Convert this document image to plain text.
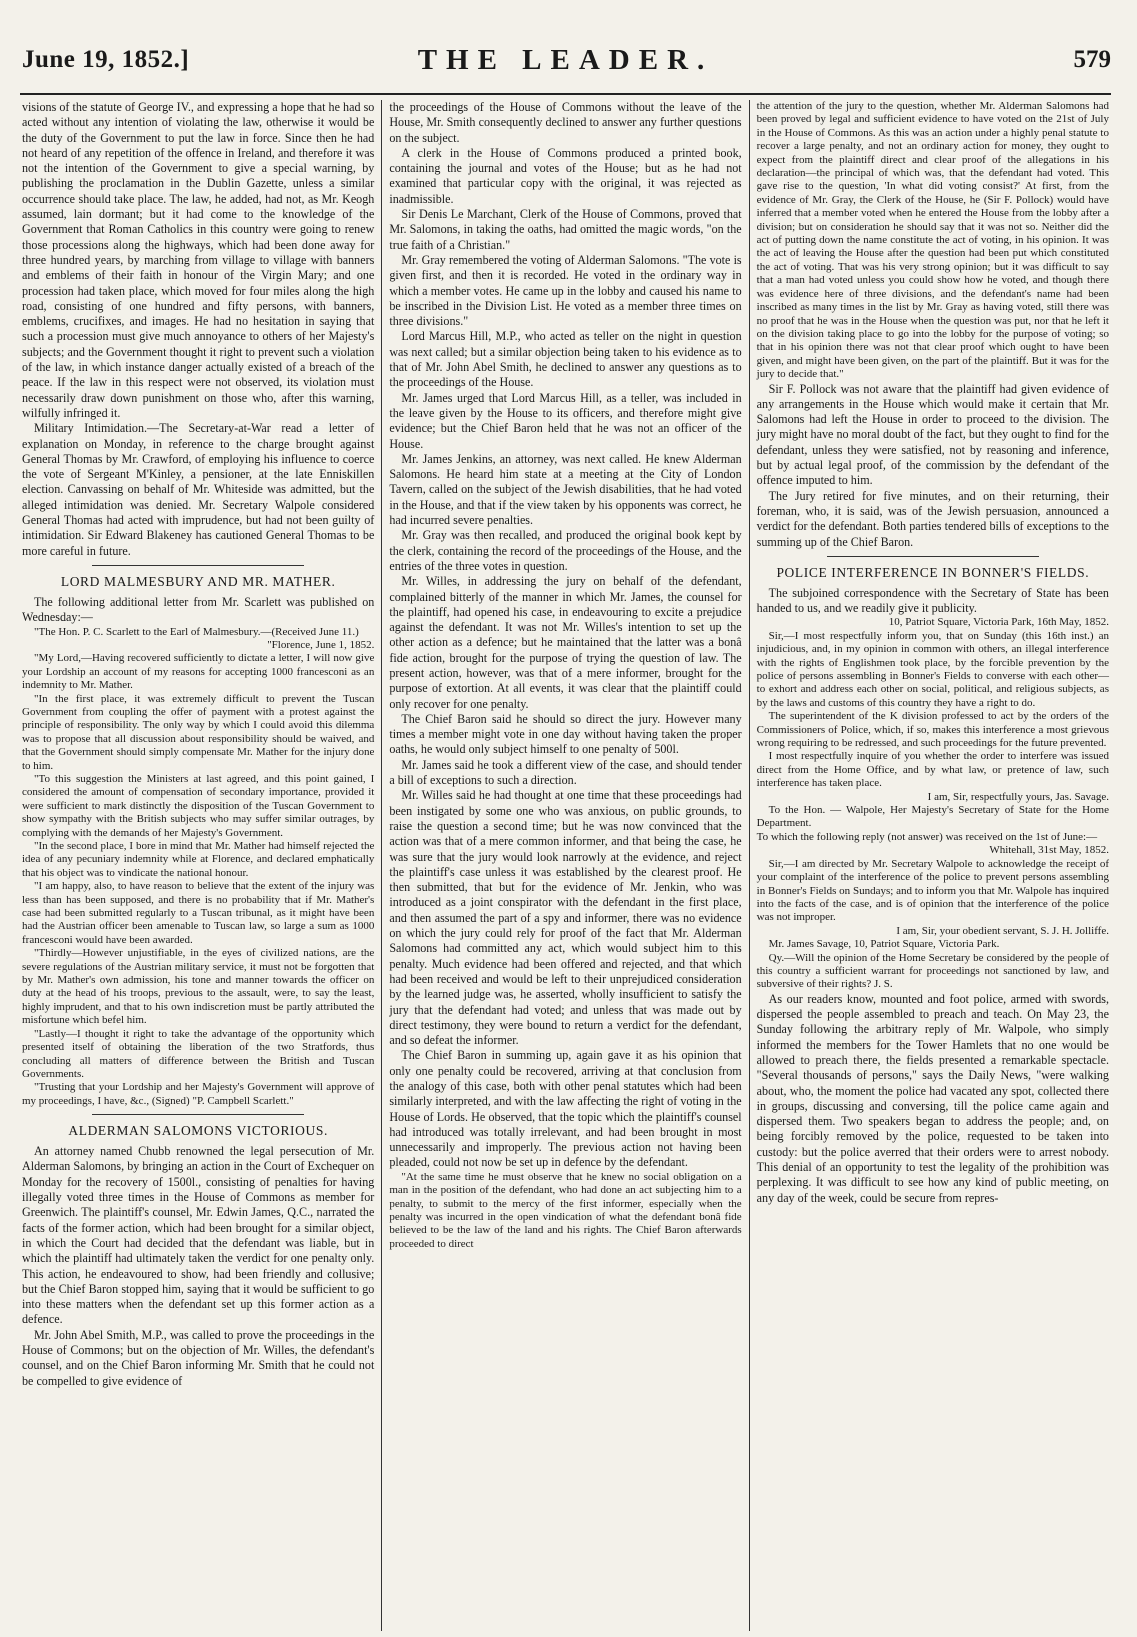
June 19, 1852.]	THE LEADER.	579

visions of the statute of George IV., and expressing a hope that he had so acted without any intention of violating the law, otherwise it would be the duty of the Government to put the law in force. Since then he had not heard of any repetition of the offence in Ireland, and therefore it was not the intention of the Government to give a special warning, by publishing the proclamation in the Dublin Gazette, unless a similar occurrence should take place. The law, he added, had not, as Mr. Keogh assumed, lain dormant; but it had come to the knowledge of the Government that Roman Catholics in this country were going to renew those processions along the highways, which had been done away for three hundred years, by marching from village to village with banners and emblems of their faith in honour of the Virgin Mary; and one procession had taken place, which moved for four miles along the high road, consisting of one hundred and fifty persons, with banners, emblems, crucifixes, and images. He had no hesitation in saying that such a procession must give much annoyance to others of her Majesty's subjects; and the Government thought it right to prevent such a violation of the law, in which instance danger actually existed of a breach of the peace. If the law in this respect were not observed, its violation must necessarily draw down punishment on those who, after this warning, wilfully infringed it.

Military Intimidation.—The Secretary-at-War read a letter of explanation on Monday, in reference to the charge brought against General Thomas by Mr. Crawford, of employing his influence to coerce the vote of Sergeant M'Kinley, a pensioner, at the late Enniskillen election. Canvassing on behalf of Mr. Whiteside was admitted, but the alleged intimidation was denied. Mr. Secretary Walpole considered General Thomas had acted with imprudence, but had not been guilty of intimidation. Sir Edward Blakeney has cautioned General Thomas to be more careful in future.

LORD MALMESBURY AND MR. MATHER.

The following additional letter from Mr. Scarlett was published on Wednesday:—

"The Hon. P. C. Scarlett to the Earl of Malmesbury.—(Received June 11.)

"Florence, June 1, 1852.

"My Lord,—Having recovered sufficiently to dictate a letter, I will now give your Lordship an account of my reasons for accepting 1000 francesconi as an indemnity to Mr. Mather.

"In the first place, it was extremely difficult to prevent the Tuscan Government from coupling the offer of payment with a protest against the principle of responsibility. The only way by which I could avoid this dilemma was to propose that all discussion about responsibility should be waived, and that the Government should simply compensate Mr. Mather for the injury done to him.

"To this suggestion the Ministers at last agreed, and this point gained, I considered the amount of compensation of secondary importance, provided it were sufficient to mark distinctly the disposition of the Tuscan Government to show sympathy with the British subjects who may suffer similar outrages, by complying with the demands of her Majesty's Government.

"In the second place, I bore in mind that Mr. Mather had himself rejected the idea of any pecuniary indemnity while at Florence, and declared emphatically that his object was to vindicate the national honour.

"I am happy, also, to have reason to believe that the extent of the injury was less than has been supposed, and there is no probability that if Mr. Mather's case had been submitted regularly to a Tuscan tribunal, as it might have been had the Austrian officer been amenable to Tuscan law, so large a sum as 1000 francesconi would have been awarded.

"Thirdly—However unjustifiable, in the eyes of civilized nations, are the severe regulations of the Austrian military service, it must not be forgotten that by Mr. Mather's own admission, his tone and manner towards the officer on duty at the head of his troops, previous to the assault, were, to say the least, highly imprudent, and that to his own indiscretion must be partly attributed the misfortune which befel him.

"Lastly—I thought it right to take the advantage of the opportunity which presented itself of obtaining the liberation of the two Stratfords, thus concluding all matters of difference between the British and Tuscan Governments.

"Trusting that your Lordship and her Majesty's Government will approve of my proceedings, I have, &c., (Signed) "P. Campbell Scarlett."

ALDERMAN SALOMONS VICTORIOUS.

An attorney named Chubb renowned the legal persecution of Mr. Alderman Salomons, by bringing an action in the Court of Exchequer on Monday for the recovery of 1500l., consisting of penalties for having illegally voted three times in the House of Commons as member for Greenwich. The plaintiff's counsel, Mr. Edwin James, Q.C., narrated the facts of the former action, which had been brought for a similar object, in which the Court had decided that the defendant was liable, but in which the plaintiff had ultimately taken the verdict for one penalty only. This action, he endeavoured to show, had been friendly and collusive; but the Chief Baron stopped him, saying that it would be sufficient to go into these matters when the defendant set up this former action as a defence.

Mr. John Abel Smith, M.P., was called to prove the proceedings in the House of Commons; but on the objection of Mr. Willes, the defendant's counsel, and on the Chief Baron informing Mr. Smith that he could not be compelled to give evidence of

the proceedings of the House of Commons without the leave of the House, Mr. Smith consequently declined to answer any further questions on the subject.

A clerk in the House of Commons produced a printed book, containing the journal and votes of the House; but as he had not examined that particular copy with the original, it was rejected as inadmissible.

Sir Denis Le Marchant, Clerk of the House of Commons, proved that Mr. Salomons, in taking the oaths, had omitted the magic words, "on the true faith of a Christian."

Mr. Gray remembered the voting of Alderman Salomons. "The vote is given first, and then it is recorded. He voted in the ordinary way in which a member votes. He came up in the lobby and caused his name to be inscribed in the Division List. He voted as a member three times on three divisions."

Lord Marcus Hill, M.P., who acted as teller on the night in question was next called; but a similar objection being taken to his evidence as to that of Mr. John Abel Smith, he declined to answer any questions as to the proceedings of the House.

Mr. James urged that Lord Marcus Hill, as a teller, was included in the leave given by the House to its officers, and therefore might give evidence; but the Chief Baron held that he was not an officer of the House.

Mr. James Jenkins, an attorney, was next called. He knew Alderman Salomons. He heard him state at a meeting at the City of London Tavern, called on the subject of the Jewish disabilities, that he had voted in the House, and that if the view taken by his opponents was correct, he had incurred severe penalties.

Mr. Gray was then recalled, and produced the original book kept by the clerk, containing the record of the proceedings of the House, and the entries of the three votes in question.

Mr. Willes, in addressing the jury on behalf of the defendant, complained bitterly of the manner in which Mr. James, the counsel for the plaintiff, had opened his case, in endeavouring to excite a prejudice against the defendant. It was not Mr. Willes's intention to set up the other action as a defence; but he maintained that the latter was a bonâ fide action, brought for the purpose of trying the question of law. The present action, however, was that of a mere informer, brought for the purpose of extortion. At all events, it was clear that the plaintiff could only recover for one penalty.

The Chief Baron said he should so direct the jury. However many times a member might vote in one day without having taken the proper oaths, he would only subject himself to one penalty of 500l.

Mr. James said he took a different view of the case, and should tender a bill of exceptions to such a direction.

Mr. Willes said he had thought at one time that these proceedings had been instigated by some one who was anxious, on public grounds, to raise the question a second time; but he was now convinced that the action was that of a mere common informer, and that being the case, he was sure that the jury would look narrowly at the evidence, and reject the plaintiff's case unless it was established by the clearest proof. He then submitted, that but for the evidence of Mr. Jenkin, who was introduced as a joint conspirator with the defendant in the first place, and then assumed the part of a spy and informer, there was no evidence on which the jury could rely for proof of the fact that Mr. Alderman Salomons had committed any act, which would subject him to this penalty. Much evidence had been offered and rejected, and that which had been received and would be left to their unprejudiced consideration by the learned judge was, he asserted, wholly insufficient to satisfy the jury that the defendant had voted; and unless that was made out by direct testimony, they were bound to return a verdict for the defendant, and so defeat the informer.

The Chief Baron in summing up, again gave it as his opinion that only one penalty could be recovered, arriving at that conclusion from the analogy of this case, both with other penal statutes which had been similarly interpreted, and with the law affecting the right of voting in the House of Lords. He observed, that the topic which the plaintiff's counsel had introduced was totally irrelevant, and had been brought in most unnecessarily and improperly. The previous action not having been pleaded, could not now be set up in defence by the defendant.

"At the same time he must observe that he knew no social obligation on a man in the position of the defendant, who had done an act subjecting him to a penalty, to submit to the mercy of the first informer, especially when the penalty was incurred in the open vindication of what the defendant bonâ fide believed to be the law of the land and his rights. The Chief Baron afterwards proceeded to direct

the attention of the jury to the question, whether Mr. Alderman Salomons had been proved by legal and sufficient evidence to have voted on the 21st of July in the House of Commons. As this was an action under a highly penal statute to recover a large penalty, and not an ordinary action for money, they ought to expect from the plaintiff direct and clear proof of the allegations in his declaration—the principal of which was, that the defendant had voted. This gave rise to the question, 'In what did voting consist?' At first, from the evidence of Mr. Gray, the Clerk of the House, he (Sir F. Pollock) would have inferred that a member voted when he entered the House from the lobby after a division; but on consideration he should say that it was not so. Neither did the act of putting down the name constitute the act of voting, in his opinion. It was the act of leaving the House after the question had been put which constituted the act of voting. That was his very strong opinion; but it was difficult to say that a man had voted unless you could show how he voted, and though there was evidence here of three divisions, and the defendant's name had been inscribed as many times in the list by Mr. Gray as having voted, still there was no proof that he was in the House when the question was put, nor that he left it on the division taking place to go into the lobby for the purpose of voting; so that in his opinion there was not that clear proof which ought to have been given, and might have been given, on the part of the plaintiff. But it was for the jury to decide that."

Sir F. Pollock was not aware that the plaintiff had given evidence of any arrangements in the House which would make it certain that Mr. Salomons had left the House in order to proceed to the division. The jury might have no moral doubt of the fact, but they ought to find for the defendant, unless they were satisfied, not by reasoning and inference, but by actual legal proof, of the commission by the defendant of the offence imputed to him.

The Jury retired for five minutes, and on their returning, their foreman, who, it is said, was of the Jewish persuasion, announced a verdict for the defendant. Both parties tendered bills of exceptions to the summing up of the Chief Baron.

POLICE INTERFERENCE IN BONNER'S FIELDS.

The subjoined correspondence with the Secretary of State has been handed to us, and we readily give it publicity.

10, Patriot Square, Victoria Park, 16th May, 1852.

Sir,—I most respectfully inform you, that on Sunday (this 16th inst.) an injudicious, and, in my opinion in common with others, an illegal interference with the rights of Englishmen took place, by the forcible prevention by the police of persons assembling in Bonner's Fields to converse with each other—to exhort and address each other on social, political, and religious subjects, as by the laws and customs of this country they have a right to do.

The superintendent of the K division professed to act by the orders of the Commissioners of Police, which, if so, makes this interference a most grievous wrong requiring to be redressed, and such proceedings for the future prevented.

I most respectfully inquire of you whether the order to interfere was issued direct from the Home Office, and by what law, or pretence of law, such interference has taken place.

I am, Sir, respectfully yours, Jas. Savage.

To the Hon. — Walpole, Her Majesty's Secretary of State for the Home Department.

To which the following reply (not answer) was received on the 1st of June:—

Whitehall, 31st May, 1852.

Sir,—I am directed by Mr. Secretary Walpole to acknowledge the receipt of your complaint of the interference of the police to prevent persons assembling in Bonner's Fields on Sundays; and to inform you that Mr. Walpole has inquired into the facts of the case, and is of opinion that the interference of the police was not improper.

I am, Sir, your obedient servant, S. J. H. Jolliffe.

Mr. James Savage, 10, Patriot Square, Victoria Park.

Qy.—Will the opinion of the Home Secretary be considered by the people of this country a sufficient warrant for proceedings not sanctioned by law, and subversive of their rights? J. S.

As our readers know, mounted and foot police, armed with swords, dispersed the people assembled to preach and teach. On May 23, the Sunday following the arbitrary reply of Mr. Walpole, who simply informed the members for the Tower Hamlets that no one would be allowed to preach there, the fields presented a remarkable spectacle. "Several thousands of persons," says the Daily News, "were walking about, who, the moment the police had vacated any spot, collected there in groups, discussing and conversing, till the police came again and dispersed them. Two speakers began to address the people; and, on being forcibly removed by the police, requested to be taken into custody: but the police averred that their orders were to arrest nobody. This denial of an opportunity to test the legality of the prohibition was perplexing. It was difficult to see how any kind of public meeting, on any day of the week, could be secure from repres-
